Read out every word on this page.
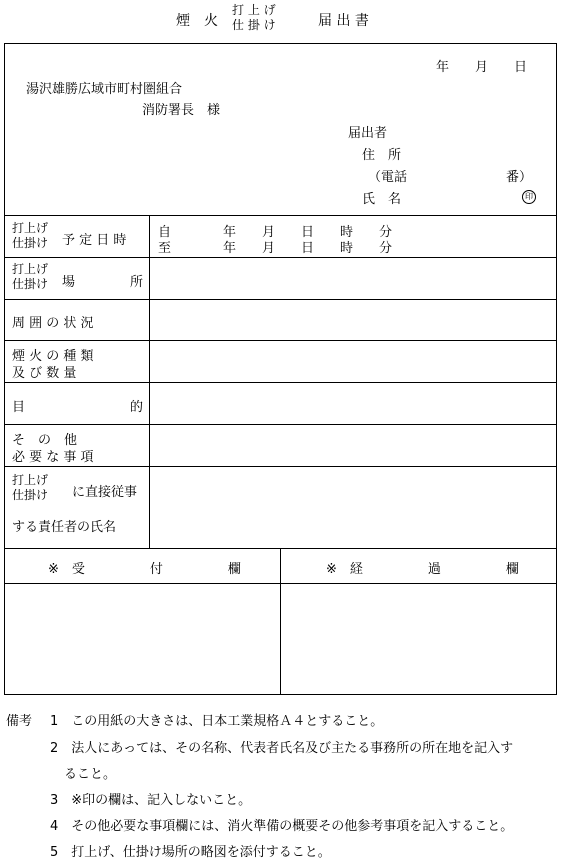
煙　火
打 上 げ
仕 掛 け	届 出 書
年　　月　　日
湯沢雄勝広域市町村圏組合
消防署長　様
届出者
住　所
（電話	番）
氏　名	印
打上げ
仕掛け 予 定 日 時
自　　　　年　　月　　日　　時　　分
至　　　　年　　月　　日　　時　　分
打上げ
仕掛け 場	所
周 囲 の 状 況
煙 火 の 種 類
及 び 数 量
目	的
そ　の　他
必 要 な 事 項
打上げ
仕掛け に直接従事
する責任者の氏名
※　受　　　　　付　　　　　欄	※　経　　　　　過　　　　　欄
備考 1　この用紙の大きさは、日本工業規格Ａ４とすること。
2　法人にあっては、その名称、代表者氏名及び主たる事務所の所在地を記入す
ること。
3　※印の欄は、記入しないこと。
4　その他必要な事項欄には、消火準備の概要その他参考事項を記入すること。
5　打上げ、仕掛け場所の略図を添付すること。
